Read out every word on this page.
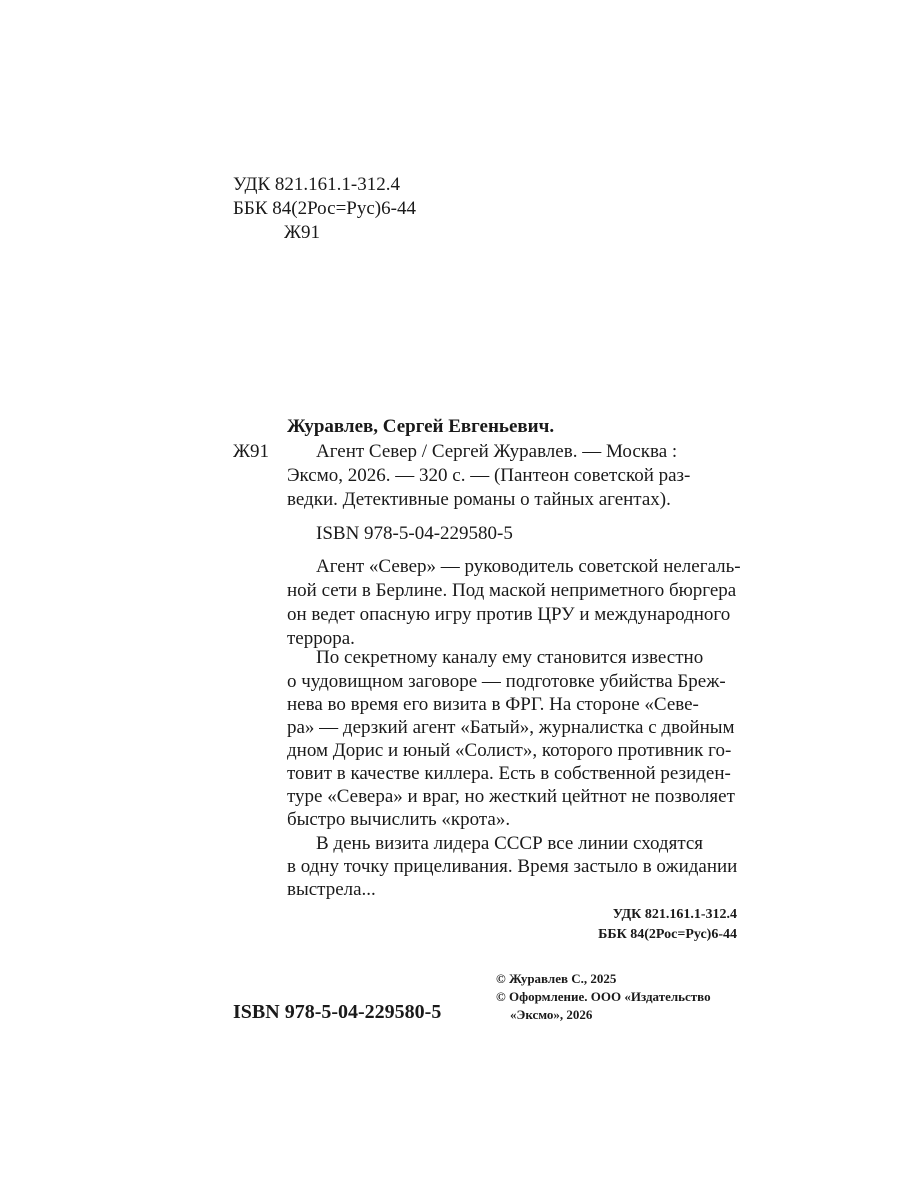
УДК 821.161.1-312.4
ББК 84(2Рос=Рус)6-44
Ж91
Журавлев, Сергей Евгеньевич.
Ж91 Агент Север / Сергей Журавлев. — Москва :
Эксмо, 2026. — 320 с. — (Пантеон советской раз-
ведки. Детективные романы о тайных агентах).
ISBN 978-5-04-229580-5
Агент «Север» — руководитель советской нелегаль-
ной сети в Берлине. Под маской неприметного бюргера
он ведет опасную игру против ЦРУ и международного
террора.
По секретному каналу ему становится известно
о чудовищном заговоре — подготовке убийства Бреж-
нева во время его визита в ФРГ. На стороне «Севе-
ра» — дерзкий агент «Батый», журналистка с двойным
дном Дорис и юный «Солист», которого противник го-
товит в качестве киллера. Есть в собственной резиден-
туре «Севера» и враг, но жесткий цейтнот не позволяет
быстро вычислить «крота».
В день визита лидера СССР все линии сходятся
в одну точку прицеливания. Время застыло в ожидании
выстрела...
УДК 821.161.1-312.4
ББК 84(2Рос=Рус)6-44
ISBN 978-5-04-229580-5
© Журавлев С., 2025
© Оформление. ООО «Издательство
«Эксмо», 2026
